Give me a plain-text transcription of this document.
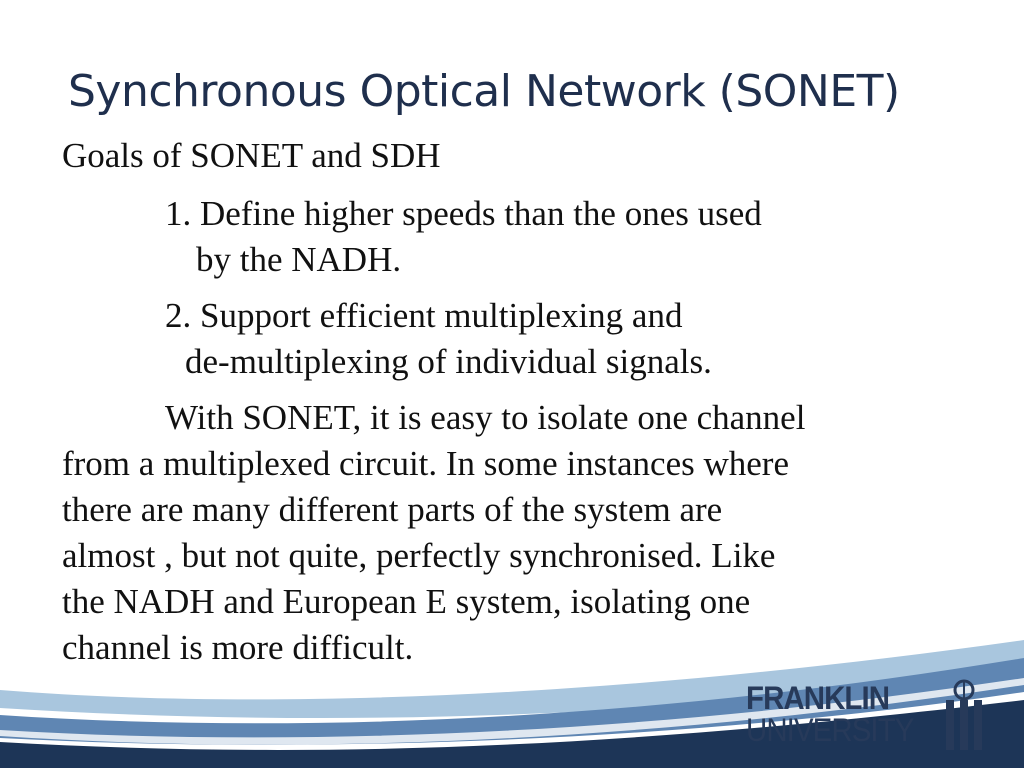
Synchronous Optical Network (SONET)
Goals of SONET and SDH
1. Define higher speeds than the ones used
by the NADH.
2. Support efficient multiplexing and
de-multiplexing of individual signals.
With SONET, it is easy to isolate one channel
from a multiplexed circuit. In some instances where
there are many different parts of the system are
almost , but not quite, perfectly synchronised. Like
the NADH and European E system, isolating one
channel is more difficult.
FRANKLIN
UNIVERSITY
